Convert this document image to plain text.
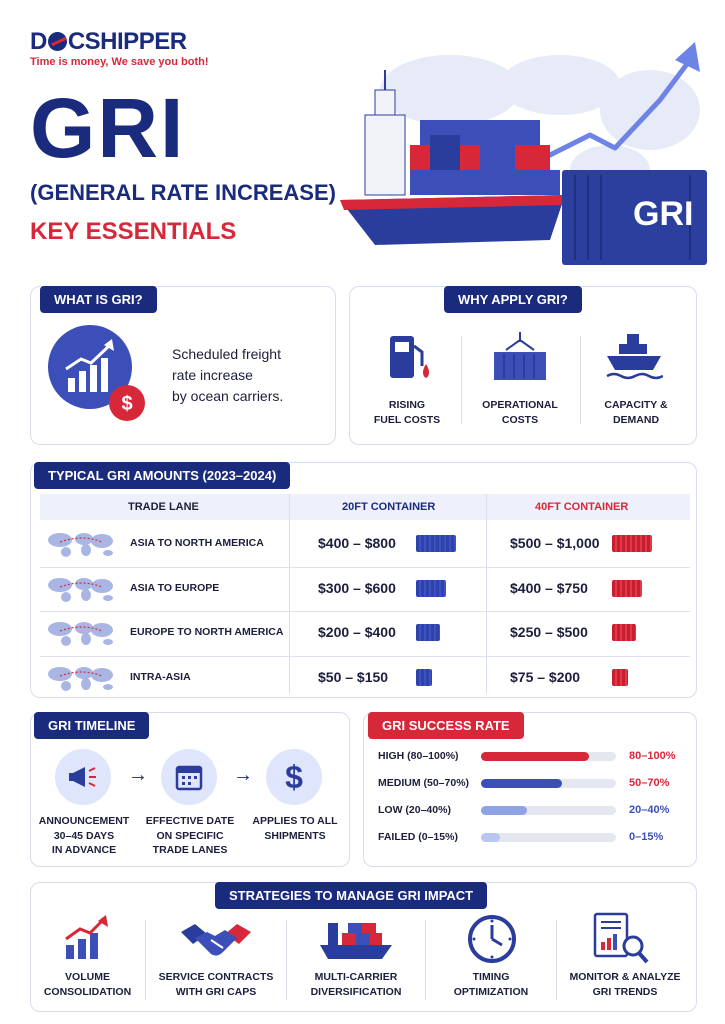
D CSHIPPER
Time is money, We save you both!
GRI
(GENERAL RATE INCREASE)
KEY ESSENTIALS	GRI
WHAT IS GRI?
$
Scheduled freight
rate increase
by ocean carriers.
WHY APPLY GRI?
RISING
FUEL COSTS
OPERATIONAL
COSTS
CAPACITY &
DEMAND
TYPICAL GRI AMOUNTS (2023–2024)
TRADE LANE	20FT CONTAINER	40FT CONTAINER
ASIA TO NORTH AMERICA	$400 – $800	$500 – $1,000
ASIA TO EUROPE	$300 – $600	$400 – $750
EUROPE TO NORTH AMERICA $200 – $400	$250 – $500
INTRA-ASIA	$50 – $150	$75 – $200
GRI TIMELINE
→	→ $
ANNOUNCEMENT
30–45 DAYS
IN ADVANCE
EFFECTIVE DATE
ON SPECIFIC
TRADE LANES
APPLIES TO ALL
SHIPMENTS
GRI SUCCESS RATE
HIGH (80–100%)	80–100%
MEDIUM (50–70%)	50–70%
LOW (20–40%)	20–40%
FAILED (0–15%)	0–15%
STRATEGIES TO MANAGE GRI IMPACT
VOLUME
CONSOLIDATION
SERVICE CONTRACTS
WITH GRI CAPS
MULTI-CARRIER
DIVERSIFICATION
TIMING
OPTIMIZATION
MONITOR & ANALYZE
GRI TRENDS
